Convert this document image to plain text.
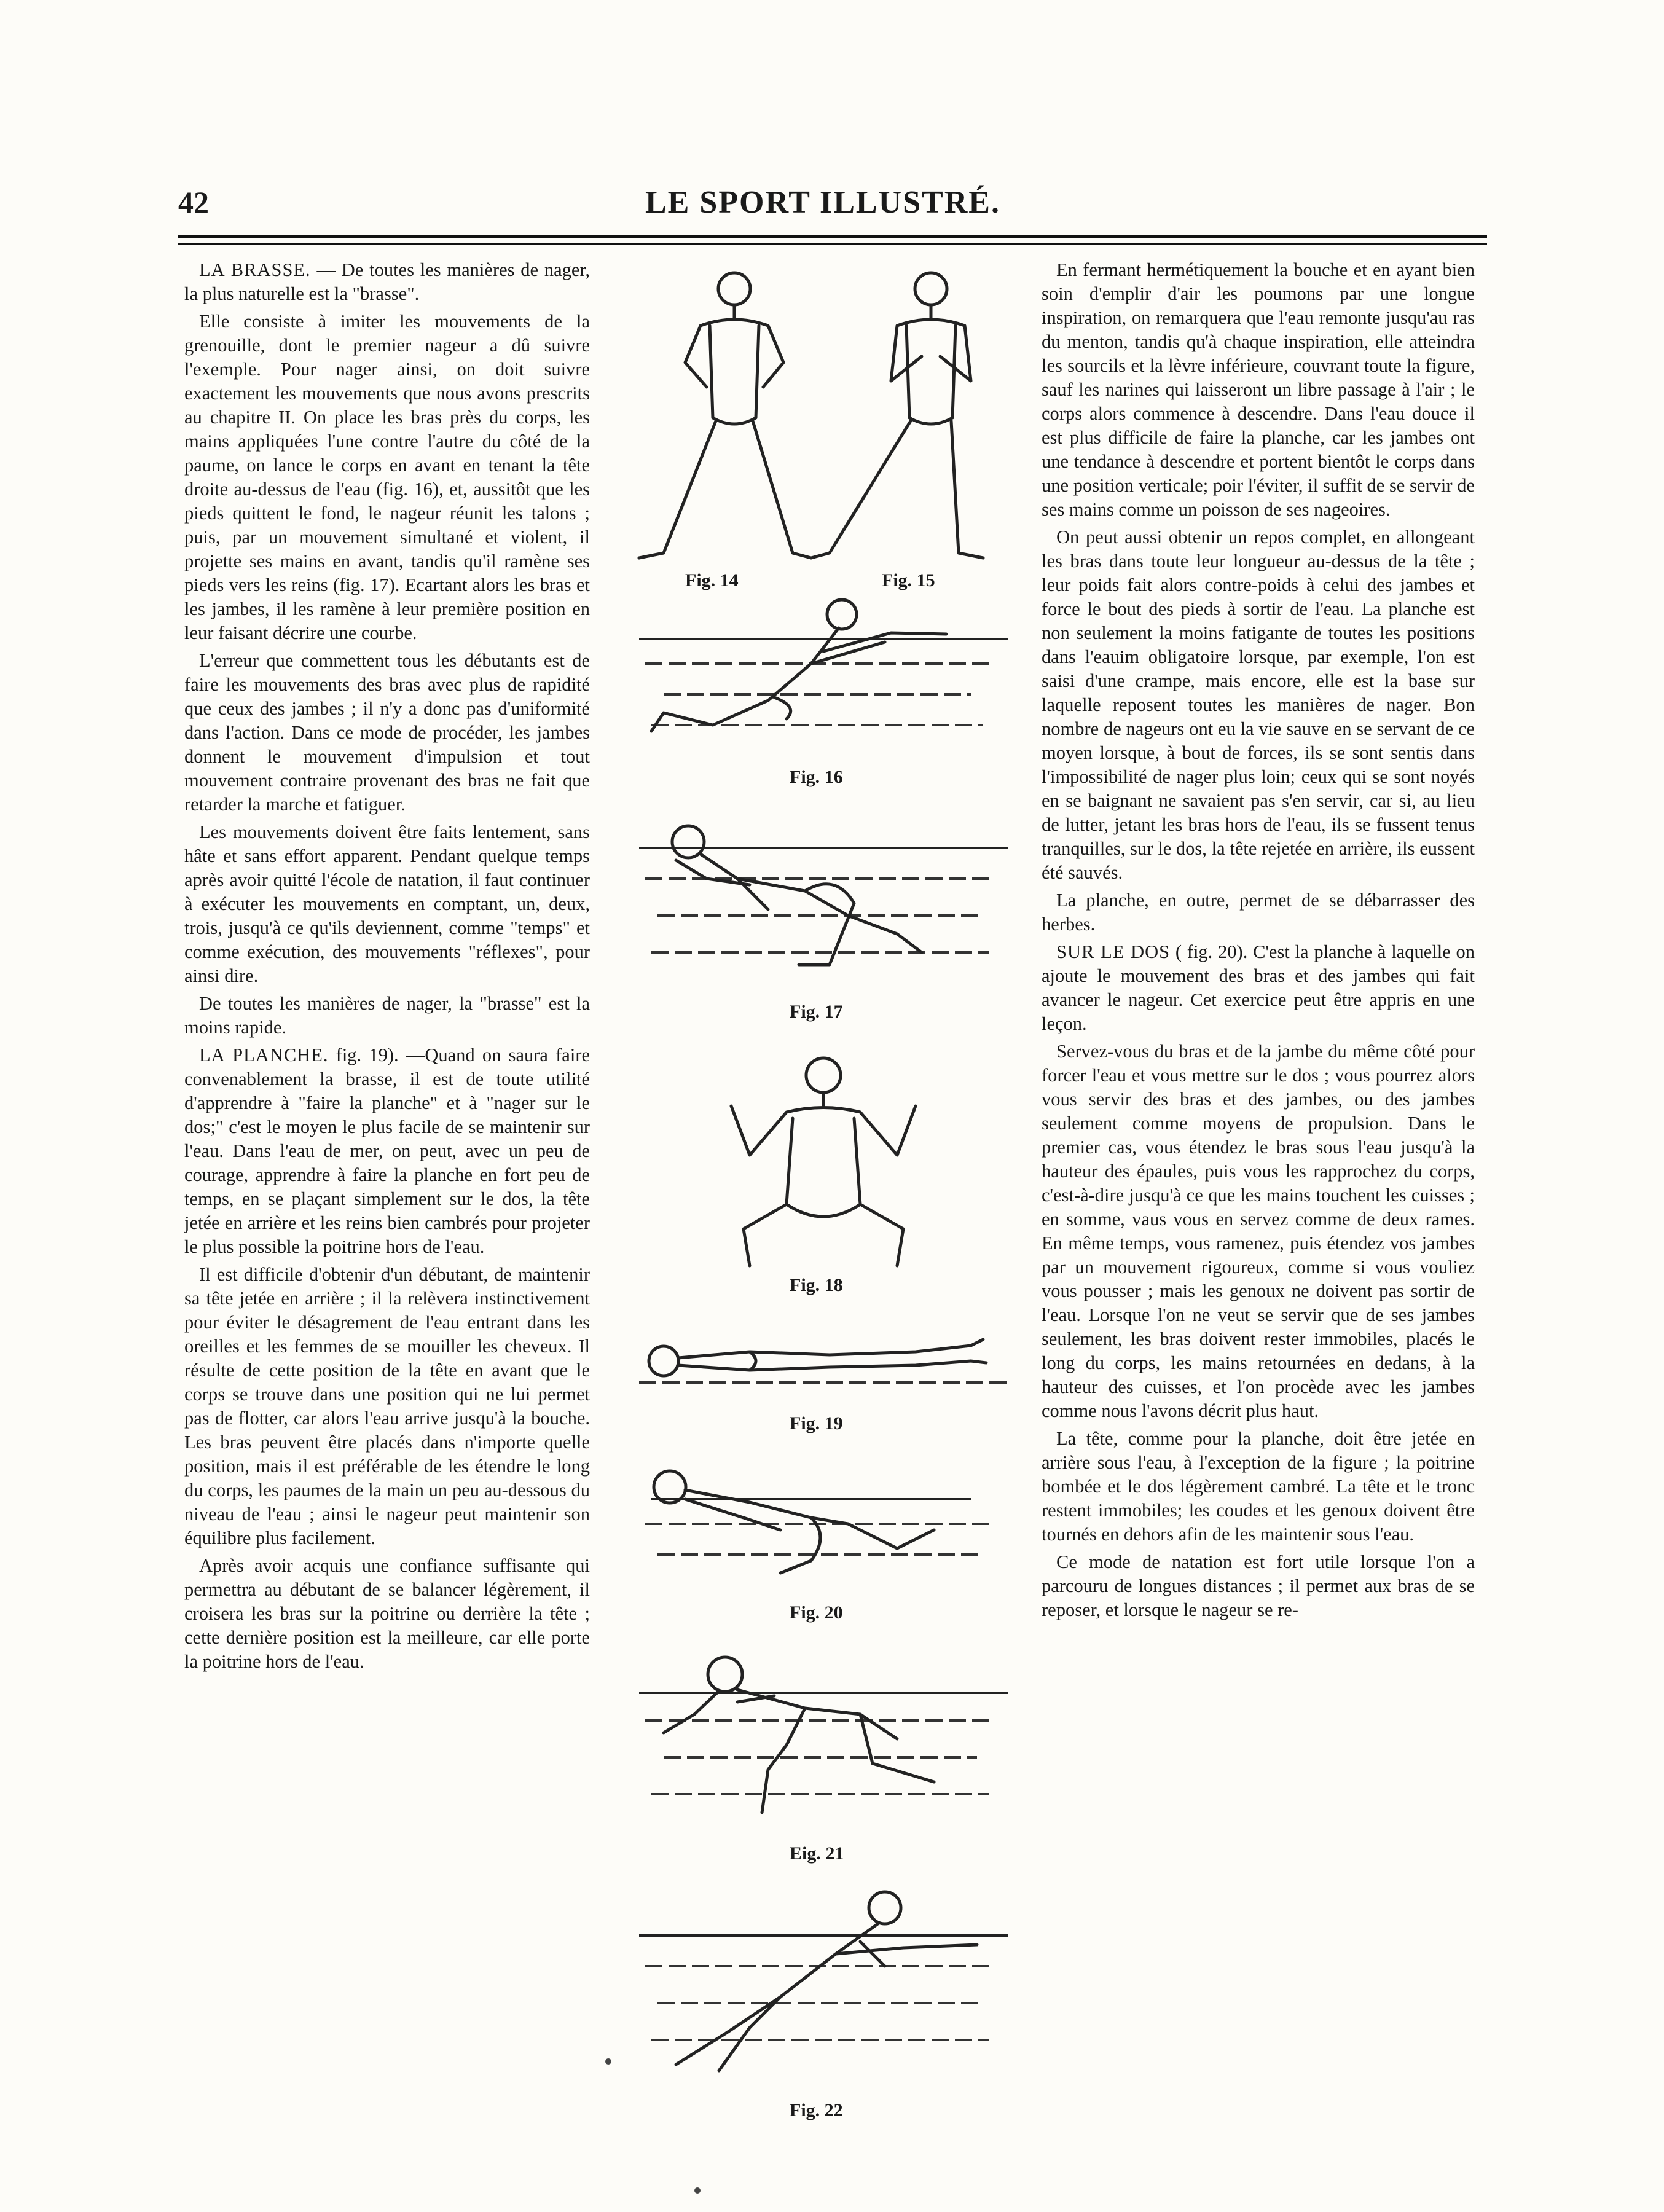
42	LE SPORT ILLUSTRÉ.

LA BRASSE. — De toutes les manières de nager, la plus naturelle est la "brasse".

Elle consiste à imiter les mouvements de la grenouille, dont le premier nageur a dû suivre l'exemple. Pour nager ainsi, on doit suivre exactement les mouvements que nous avons prescrits au chapitre II. On place les bras près du corps, les mains appliquées l'une contre l'autre du côté de la paume, on lance le corps en avant en tenant la tête droite au-dessus de l'eau (fig. 16), et, aussitôt que les pieds quittent le fond, le nageur réunit les talons ; puis, par un mouvement simultané et violent, il projette ses mains en avant, tandis qu'il ramène ses pieds vers les reins (fig. 17). Ecartant alors les bras et les jambes, il les ramène à leur première position en leur faisant décrire une courbe.

L'erreur que commettent tous les débutants est de faire les mouvements des bras avec plus de rapidité que ceux des jambes ; il n'y a donc pas d'uniformité dans l'action. Dans ce mode de procéder, les jambes donnent le mouvement d'impulsion et tout mouvement contraire provenant des bras ne fait que retarder la marche et fatiguer.

Les mouvements doivent être faits lentement, sans hâte et sans effort apparent. Pendant quelque temps après avoir quitté l'école de natation, il faut continuer à exécuter les mouvements en comptant, un, deux, trois, jusqu'à ce qu'ils deviennent, comme "temps" et comme exécution, des mouvements "réflexes", pour ainsi dire.

De toutes les manières de nager, la "brasse" est la moins rapide.

LA PLANCHE. fig. 19). —Quand on saura faire convenablement la brasse, il est de toute utilité d'apprendre à "faire la planche" et à "nager sur le dos;" c'est le moyen le plus facile de se maintenir sur l'eau. Dans l'eau de mer, on peut, avec un peu de courage, apprendre à faire la planche en fort peu de temps, en se plaçant simplement sur le dos, la tête jetée en arrière et les reins bien cambrés pour projeter le plus possible la poitrine hors de l'eau.

Il est difficile d'obtenir d'un débutant, de maintenir sa tête jetée en arrière ; il la relèvera instinctivement pour éviter le désagrement de l'eau entrant dans les oreilles et les femmes de se mouiller les cheveux. Il résulte de cette position de la tête en avant que le corps se trouve dans une position qui ne lui permet pas de flotter, car alors l'eau arrive jusqu'à la bouche. Les bras peuvent être placés dans n'importe quelle position, mais il est préférable de les étendre le long du corps, les paumes de la main un peu au-dessous du niveau de l'eau ; ainsi le nageur peut maintenir son équilibre plus facilement.

Après avoir acquis une confiance suffisante qui permettra au débutant de se balancer légèrement, il croisera les bras sur la poitrine ou derrière la tête ; cette dernière position est la meilleure, car elle porte la poitrine hors de l'eau.

Fig. 14	Fig. 15
Fig. 16
Fig. 17
Fig. 18
Fig. 19
Fig. 20
Eig. 21
Fig. 22

En fermant hermétiquement la bouche et en ayant bien soin d'emplir d'air les poumons par une longue inspiration, on remarquera que l'eau remonte jusqu'au ras du menton, tandis qu'à chaque inspiration, elle atteindra les sourcils et la lèvre inférieure, couvrant toute la figure, sauf les narines qui laisseront un libre passage à l'air ; le corps alors commence à descendre. Dans l'eau douce il est plus difficile de faire la planche, car les jambes ont une tendance à descendre et portent bientôt le corps dans une position verticale; poir l'éviter, il suffit de se servir de ses mains comme un poisson de ses nageoires.

On peut aussi obtenir un repos complet, en allongeant les bras dans toute leur longueur au-dessus de la tête ; leur poids fait alors contre-poids à celui des jambes et force le bout des pieds à sortir de l'eau. La planche est non seulement la moins fatigante de toutes les positions dans l'eauim obligatoire lorsque, par exemple, l'on est saisi d'une crampe, mais encore, elle est la base sur laquelle reposent toutes les manières de nager. Bon nombre de nageurs ont eu la vie sauve en se servant de ce moyen lorsque, à bout de forces, ils se sont sentis dans l'impossibilité de nager plus loin; ceux qui se sont noyés en se baignant ne savaient pas s'en servir, car si, au lieu de lutter, jetant les bras hors de l'eau, ils se fussent tenus tranquilles, sur le dos, la tête rejetée en arrière, ils eussent été sauvés.

La planche, en outre, permet de se débarrasser des herbes.

SUR LE DOS ( fig. 20). C'est la planche à laquelle on ajoute le mouvement des bras et des jambes qui fait avancer le nageur. Cet exercice peut être appris en une leçon.

Servez-vous du bras et de la jambe du même côté pour forcer l'eau et vous mettre sur le dos ; vous pourrez alors vous servir des bras et des jambes, ou des jambes seulement comme moyens de propulsion. Dans le premier cas, vous étendez le bras sous l'eau jusqu'à la hauteur des épaules, puis vous les rapprochez du corps, c'est-à-dire jusqu'à ce que les mains touchent les cuisses ; en somme, vaus vous en servez comme de deux rames. En même temps, vous ramenez, puis étendez vos jambes par un mouvement rigoureux, comme si vous vouliez vous pousser ; mais les genoux ne doivent pas sortir de l'eau. Lorsque l'on ne veut se servir que de ses jambes seulement, les bras doivent rester immobiles, placés le long du corps, les mains retournées en dedans, à la hauteur des cuisses, et l'on procède avec les jambes comme nous l'avons décrit plus haut.

La tête, comme pour la planche, doit être jetée en arrière sous l'eau, à l'exception de la figure ; la poitrine bombée et le dos légèrement cambré. La tête et le tronc restent immobiles; les coudes et les genoux doivent être tournés en dehors afin de les maintenir sous l'eau.

Ce mode de natation est fort utile lorsque l'on a parcouru de longues distances ; il permet aux bras de se reposer, et lorsque le nageur se re-
